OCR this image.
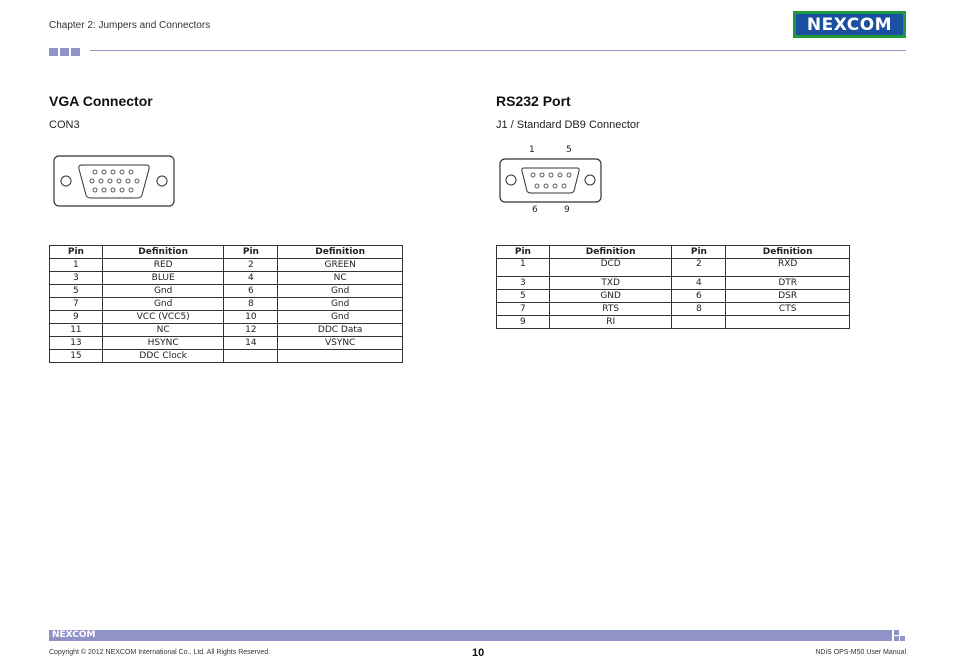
Chapter 2: Jumpers and Connectors	NEXCOM
VGA Connector
CON3
Pin	Definition	Pin	Definition
1	RED	2	GREEN
3	BLUE	4	NC
5	Gnd	6	Gnd
7	Gnd	8	Gnd
9	VCC (VCC5)	10	Gnd
11	NC	12	DDC Data
13	HSYNC	14	VSYNC
15	DDC Clock		
RS232 Port
J1 / Standard DB9 Connector
1	5
6	9
Pin	Definition	Pin	Definition
1	DCD	2	RXD
3	TXD	4	DTR
5	GND	6	DSR
7	RTS	8	CTS
9	RI		
NEXCOM
Copyright © 2012 NEXCOM International Co., Ltd. All Rights Reserved.	10	NDiS OPS-M50 User Manual
